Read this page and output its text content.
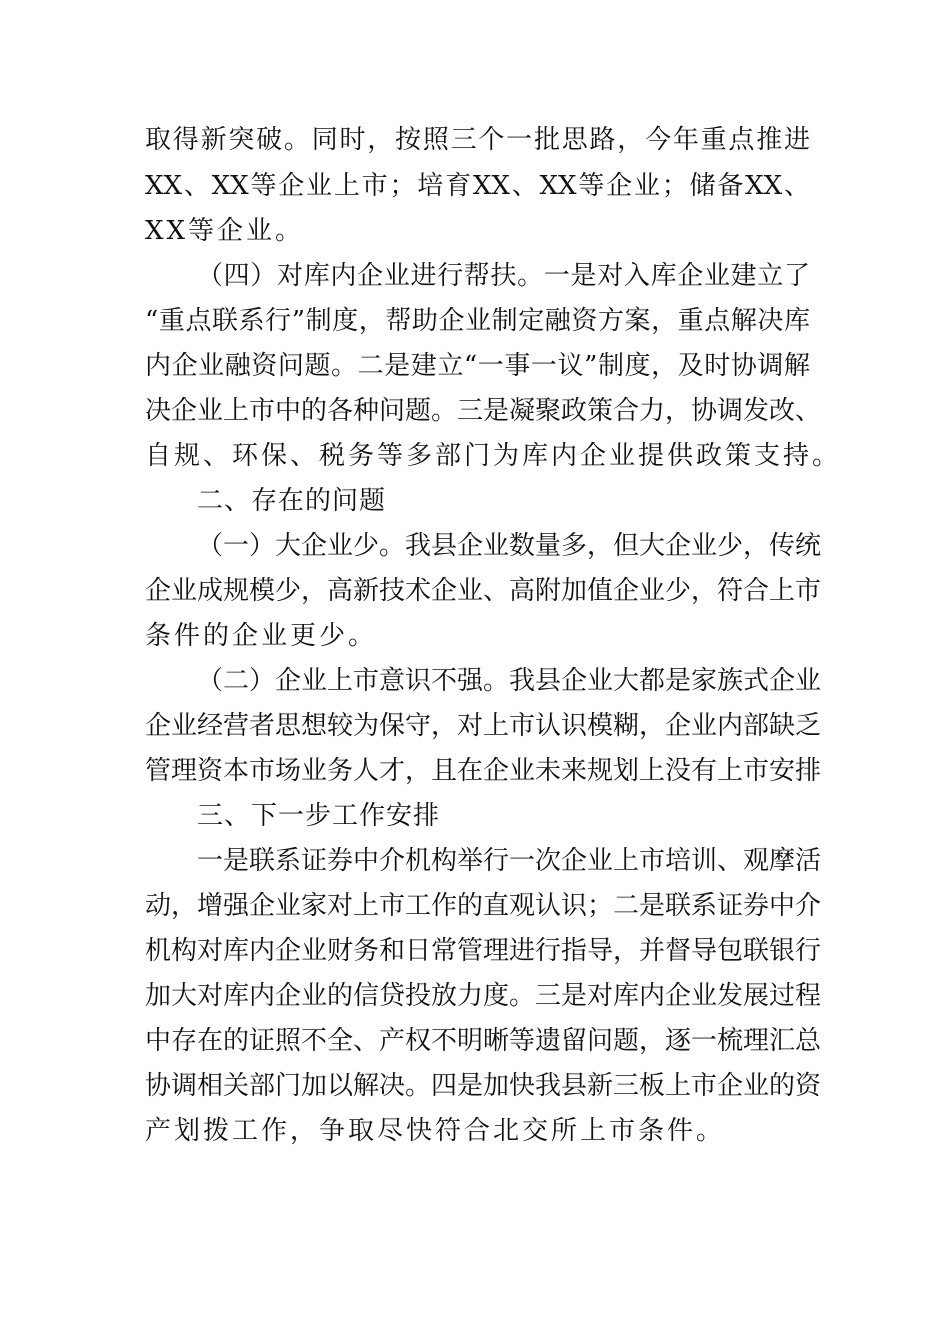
取得新突破。同时，按照三个一批思路，今年重点推进
XX、XX等企业上市；培育XX、XX等企业；储备XX、
XX等企业。
（四）对库内企业进行帮扶。一是对入库企业建立了
“重点联系行”制度，帮助企业制定融资方案，重点解决库
内企业融资问题。二是建立“一事一议”制度，及时协调解
决企业上市中的各种问题。三是凝聚政策合力，协调发改、
自规、环保、税务等多部门为库内企业提供政策支持。
二、存在的问题
（一）大企业少。我县企业数量多，但大企业少，传统
企业成规模少，高新技术企业、高附加值企业少，符合上市
条件的企业更少。
（二）企业上市意识不强。我县企业大都是家族式企业
企业经营者思想较为保守，对上市认识模糊，企业内部缺乏
管理资本市场业务人才，且在企业未来规划上没有上市安排
三、下一步工作安排
一是联系证券中介机构举行一次企业上市培训、观摩活
动，增强企业家对上市工作的直观认识；二是联系证券中介
机构对库内企业财务和日常管理进行指导，并督导包联银行
加大对库内企业的信贷投放力度。三是对库内企业发展过程
中存在的证照不全、产权不明晰等遗留问题，逐一梳理汇总
协调相关部门加以解决。四是加快我县新三板上市企业的资
产划拨工作，争取尽快符合北交所上市条件。
